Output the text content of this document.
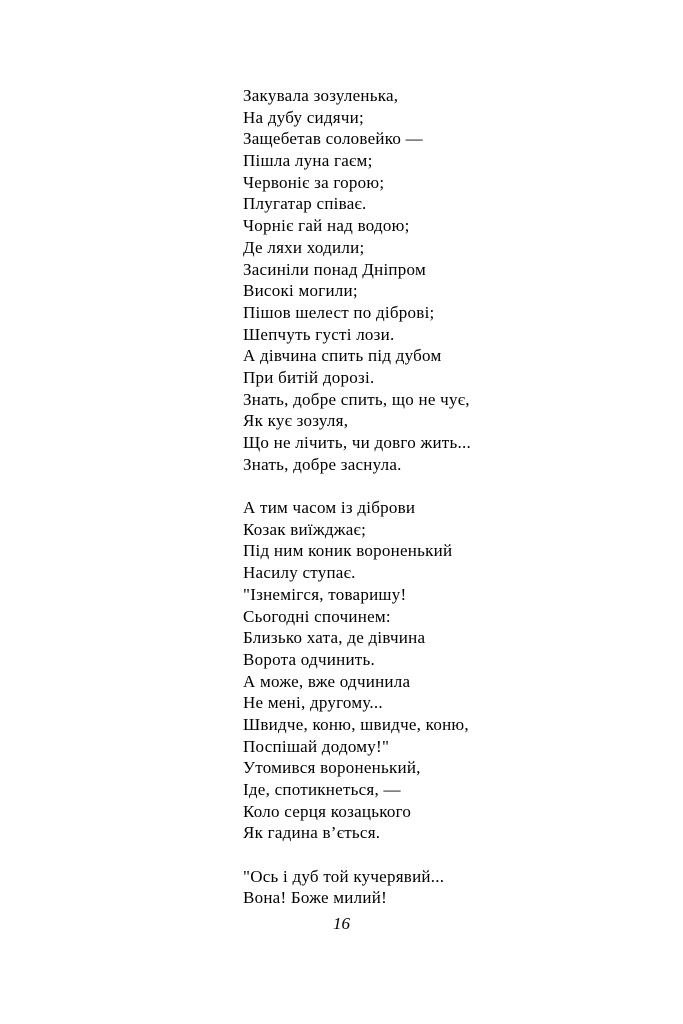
Закувала зозуленька,
На дубу сидячи;
Защебетав соловейко —
Пішла луна гаєм;
Червоніє за горою;
Плугатар співає.
Чорніє гай над водою;
Де ляхи ходили;
Засиніли понад Дніпром
Високі могили;
Пішов шелест по діброві;
Шепчуть густі лози.
А дівчина спить під дубом
При битій дорозі.
Знать, добре спить, що не чує,
Як кує зозуля,
Що не лічить, чи довго жить...
Знать, добре заснула.
А тим часом із діброви
Козак виїжджає;
Під ним коник вороненький
Насилу ступає.
"Ізнемігся, товаришу!
Сьогодні спочинем:
Близько хата, де дівчина
Ворота одчинить.
А може, вже одчинила
Не мені, другому...
Швидче, коню, швидче, коню,
Поспішай додому!"
Утомився вороненький,
Іде, спотикнеться, —
Коло серця козацького
Як гадина в’ється.
"Ось і дуб той кучерявий...
Вона! Боже милий!
16
